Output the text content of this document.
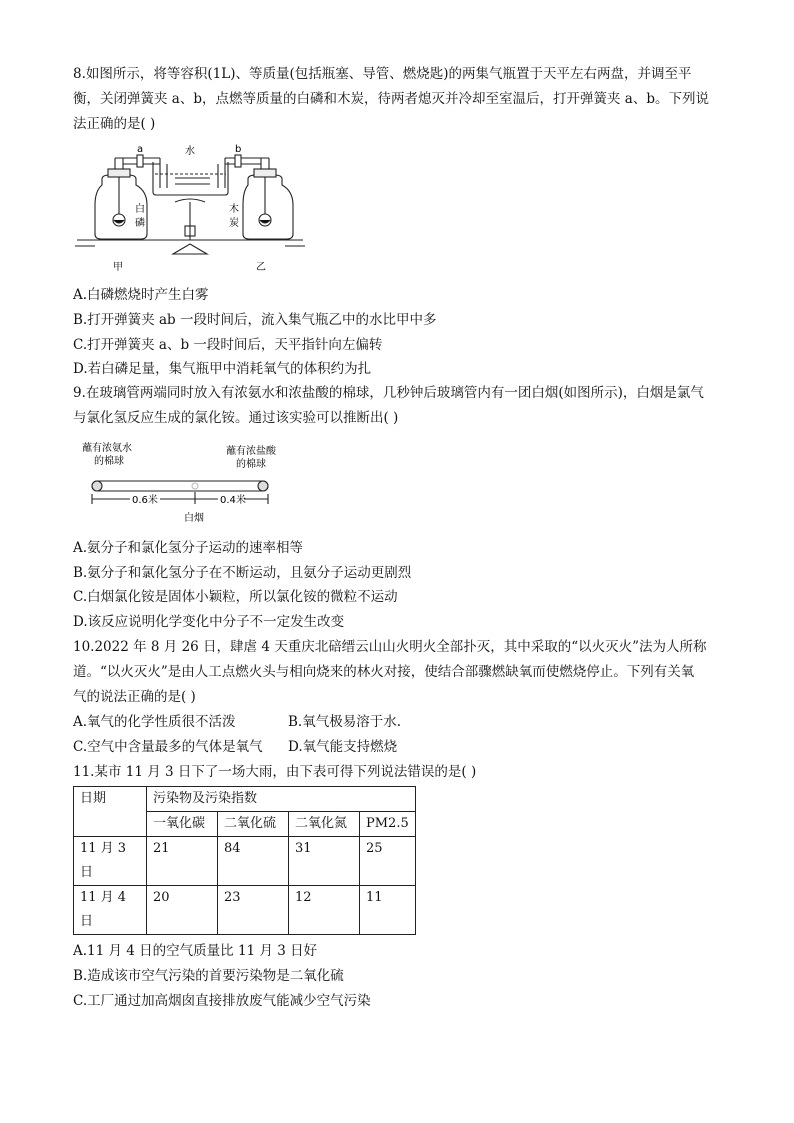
8.如图所示，将等容积(1L)、等质量(包括瓶塞、导管、燃烧匙)的两集气瓶置于天平左右两盘，并调至平

衡，关闭弹簧夹 a、b，点燃等质量的白磷和木炭，待两者熄灭并冷却至室温后，打开弹簧夹 a、b。下列说

法正确的是( )

a	b
水
白
磷
木
炭
甲	乙

A.白磷燃烧时产生白雾

B.打开弹簧夹 ab 一段时间后，流入集气瓶乙中的水比甲中多

C.打开弹簧夹 a、b 一段时间后，天平指针向左偏转

D.若白磷足量，集气瓶甲中消耗氧气的体积约为扎

9.在玻璃管两端同时放入有浓氨水和浓盐酸的棉球，几秒钟后玻璃管内有一团白烟(如图所示)，白烟是氯气

与氯化氢反应生成的氯化铵。通过该实验可以推断出( )

蘸有浓氨水
的棉球
蘸有浓盐酸
的棉球
0.6米	0.4米
白烟

A.氨分子和氯化氢分子运动的速率相等

B.氨分子和氯化氢分子在不断运动，且氨分子运动更剧烈

C.白烟氯化铵是固体小颖粒，所以氯化铵的微粒不运动

D.该反应说明化学变化中分子不一定发生改变

10.2022 年 8 月 26 日，肆虐 4 天重庆北碚缙云山山火明火全部扑灭，其中采取的“以火灭火”法为人所称

道。“以火灭火”是由人工点燃火头与相向烧来的林火对接，使结合部骤燃缺氧而使燃烧停止。下列有关氧

气的说法正确的是( )

A.氧气的化学性质很不活泼	B.氧气极易溶于水.

C.空气中含量最多的气体是氧气	D.氧气能支持燃烧

11.某市 11 月 3 日下了一场大雨，由下表可得下列说法错误的是( )

日期	污染物及污染指数			
	一氧化碳	二氧化硫	二氧化氮	PM2.5
11 月 3
日	21	84	31	25
11 月 4
日	20	23	12	11

A.11 月 4 日的空气质量比 11 月 3 日好

B.造成该市空气污染的首要污染物是二氧化硫

C.工厂通过加高烟囱直接排放废气能减少空气污染
